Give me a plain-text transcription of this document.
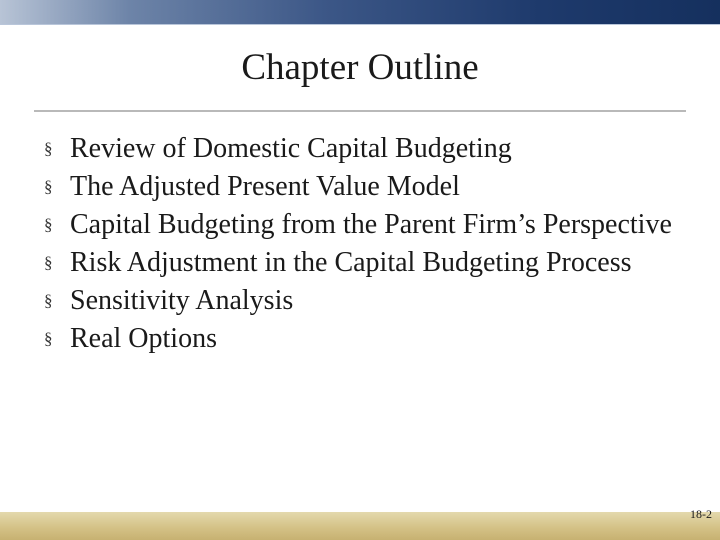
Chapter Outline
§ Review of Domestic Capital Budgeting
§ The Adjusted Present Value Model
§ Capital Budgeting from the Parent Firm’s Perspective
§ Risk Adjustment in the Capital Budgeting Process
§ Sensitivity Analysis
§ Real Options
18-2
